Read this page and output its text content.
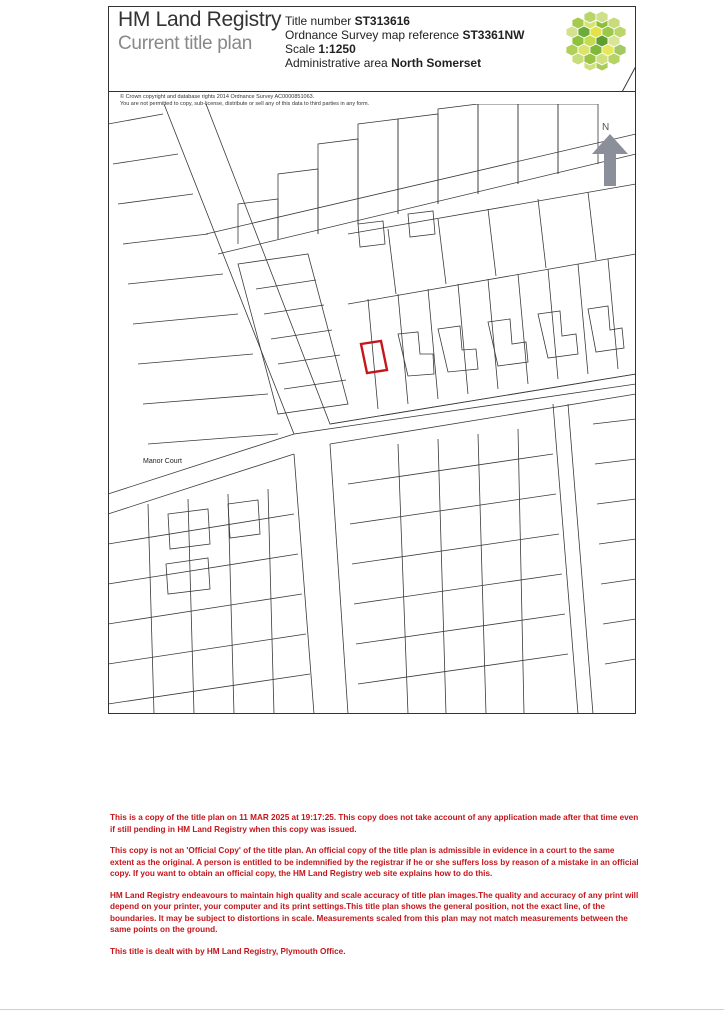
HM Land Registry
Current title plan
Title number ST313616
Ordnance Survey map reference ST3361NW
Scale 1:1250
Administrative area North Somerset
© Crown copyright and database rights 2014 Ordnance Survey AC0000851063.
You are not permitted to copy, sub-license, distribute or sell any of this data to third parties in any form.
Manor Court
N

This is a copy of the title plan on 11 MAR 2025 at 19:17:25. This copy does not take account of any application made after that time even if still pending in HM Land Registry when this copy was issued.

This copy is not an 'Official Copy' of the title plan. An official copy of the title plan is admissible in evidence in a court to the same extent as the original. A person is entitled to be indemnified by the registrar if he or she suffers loss by reason of a mistake in an official copy. If you want to obtain an official copy, the HM Land Registry web site explains how to do this.

HM Land Registry endeavours to maintain high quality and scale accuracy of title plan images.The quality and accuracy of any print will depend on your printer, your computer and its print settings.This title plan shows the general position, not the exact line, of the boundaries. It may be subject to distortions in scale. Measurements scaled from this plan may not match measurements between the same points on the ground.

This title is dealt with by HM Land Registry, Plymouth Office.
